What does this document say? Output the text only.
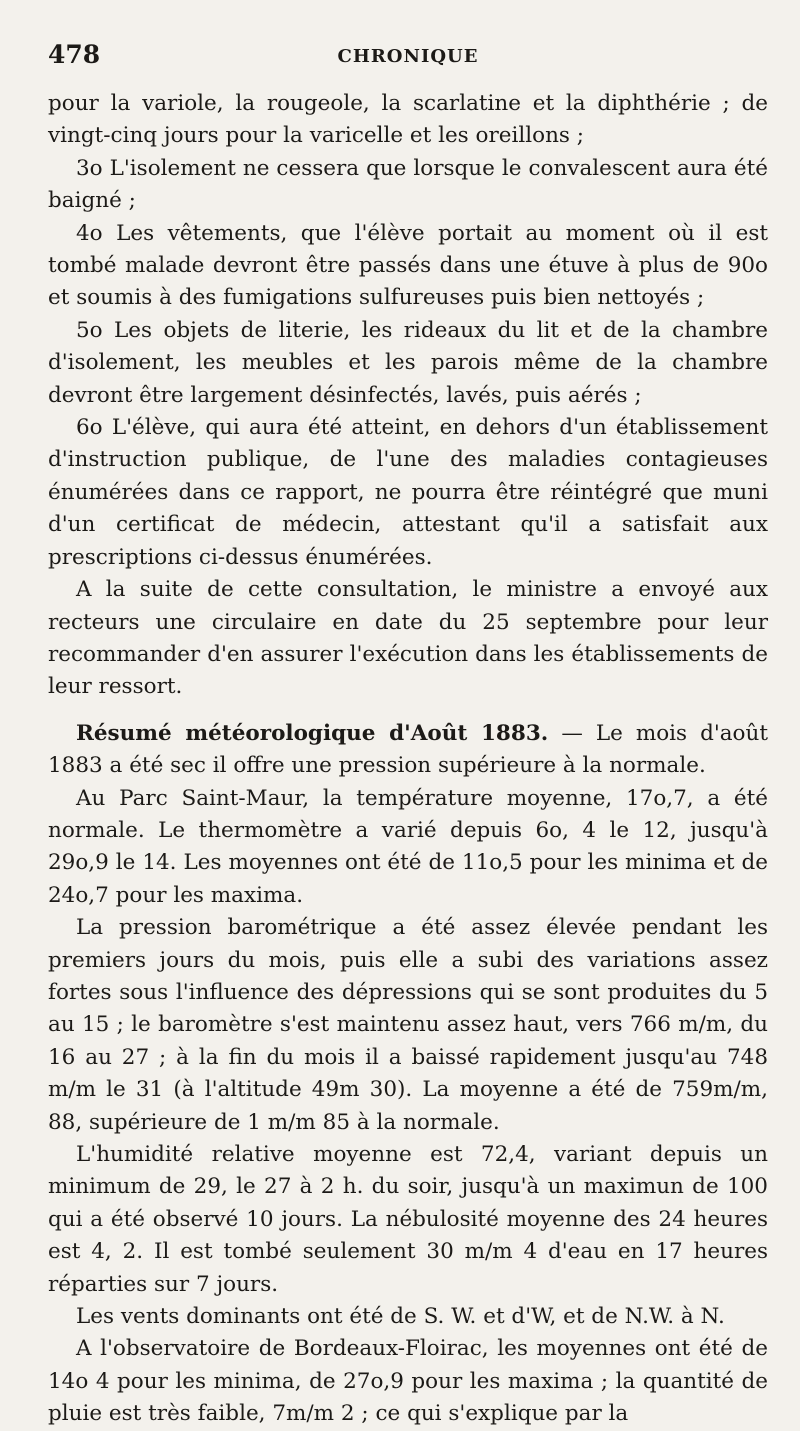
478	CHRONIQUE

pour la variole, la rougeole, la scarlatine et la diphthérie ; de vingt-cinq jours pour la varicelle et les oreillons ;

3o L'isolement ne cessera que lorsque le convalescent aura été baigné ;

4o Les vêtements, que l'élève portait au moment où il est tombé malade devront être passés dans une étuve à plus de 90o et soumis à des fumigations sulfureuses puis bien nettoyés ;

5o Les objets de literie, les rideaux du lit et de la chambre d'isolement, les meubles et les parois même de la chambre devront être largement désinfectés, lavés, puis aérés ;

6o L'élève, qui aura été atteint, en dehors d'un établissement d'instruction publique, de l'une des maladies contagieuses énumérées dans ce rapport, ne pourra être réintégré que muni d'un certificat de médecin, attestant qu'il a satisfait aux prescriptions ci-dessus énumérées.

A la suite de cette consultation, le ministre a envoyé aux recteurs une circulaire en date du 25 septembre pour leur recommander d'en assurer l'exécution dans les établissements de leur ressort.

Résumé météorologique d'Août 1883. — Le mois d'août 1883 a été sec il offre une pression supérieure à la normale.

Au Parc Saint-Maur, la température moyenne, 17o,7, a été normale. Le thermomètre a varié depuis 6o, 4 le 12, jusqu'à 29o,9 le 14. Les moyennes ont été de 11o,5 pour les minima et de 24o,7 pour les maxima.

La pression barométrique a été assez élevée pendant les premiers jours du mois, puis elle a subi des variations assez fortes sous l'influence des dépressions qui se sont produites du 5 au 15 ; le baromètre s'est maintenu assez haut, vers 766 m/m, du 16 au 27 ; à la fin du mois il a baissé rapidement jusqu'au 748 m/m le 31 (à l'altitude 49m 30). La moyenne a été de 759m/m, 88, supérieure de 1 m/m 85 à la normale.

L'humidité relative moyenne est 72,4, variant depuis un minimum de 29, le 27 à 2 h. du soir, jusqu'à un maximun de 100 qui a été observé 10 jours. La nébulosité moyenne des 24 heures est 4, 2. Il est tombé seulement 30 m/m 4 d'eau en 17 heures réparties sur 7 jours.

Les vents dominants ont été de S. W. et d'W, et de N.W. à N.

A l'observatoire de Bordeaux-Floirac, les moyennes ont été de 14o 4 pour les minima, de 27o,9 pour les maxima ; la quantité de pluie est très faible, 7m/m 2 ; ce qui s'explique par la
